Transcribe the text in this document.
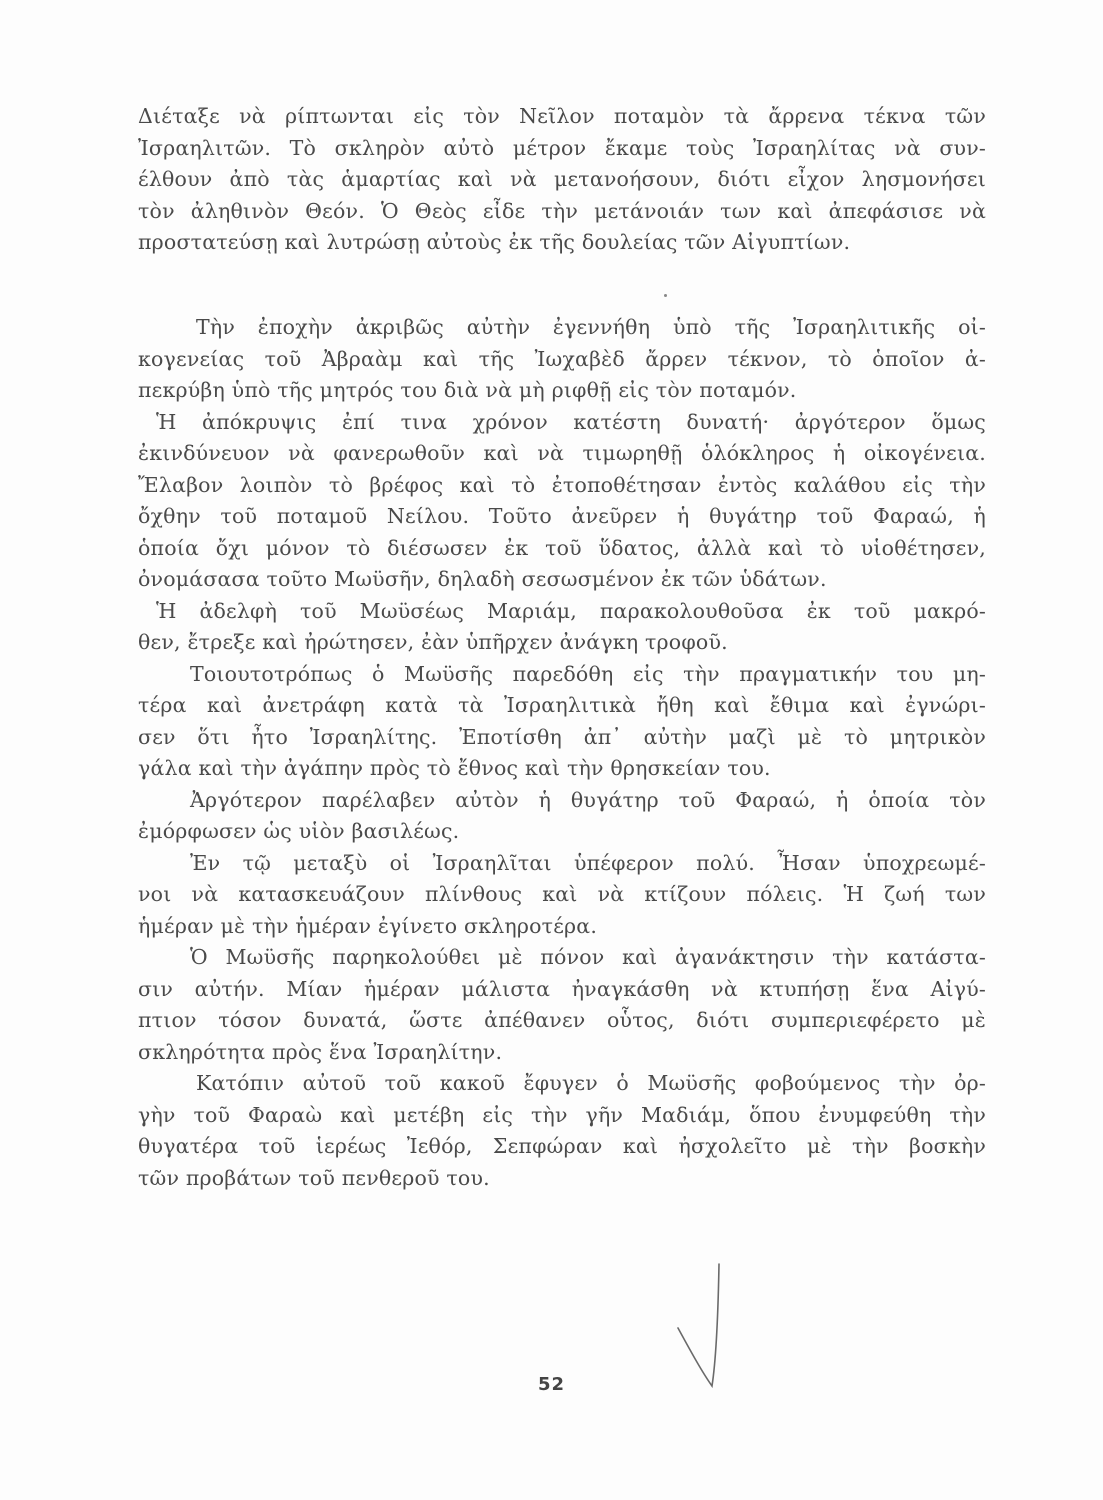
Διέταξε νὰ ρίπτωνται εἰς τὸν Νεῖλον ποταμὸν τὰ ἄρρενα τέκνα τῶν
Ἰσραηλιτῶν. Τὸ σκληρὸν αὐτὸ μέτρον ἔκαμε τοὺς Ἰσραηλίτας νὰ συν-
έλθουν ἀπὸ τὰς ἁμαρτίας καὶ νὰ μετανοήσουν, διότι εἶχον λησμονήσει
τὸν ἀληθινὸν Θεόν. Ὁ Θεὸς εἶδε τὴν μετάνοιάν των καὶ ἀπεφάσισε νὰ
προστατεύσῃ καὶ λυτρώσῃ αὐτοὺς ἐκ τῆς δουλείας τῶν Αἰγυπτίων.
Τὴν ἐποχὴν ἀκριβῶς αὐτὴν ἐγεννήθη ὑπὸ τῆς Ἰσραηλιτικῆς οἰ-
κογενείας τοῦ Ἀβραὰμ καὶ τῆς Ἰωχαβὲδ ἄρρεν τέκνον, τὸ ὁποῖον ἀ-
πεκρύβη ὑπὸ τῆς μητρός του διὰ νὰ μὴ ριφθῇ εἰς τὸν ποταμόν.
Ἡ ἀπόκρυψις ἐπί τινα χρόνον κατέστη δυνατή· ἀργότερον ὅμως
ἐκινδύνευον νὰ φανερωθοῦν καὶ νὰ τιμωρηθῇ ὁλόκληρος ἡ οἰκογένεια.
Ἔλαβον λοιπὸν τὸ βρέφος καὶ τὸ ἐτοποθέτησαν ἐντὸς καλάθου εἰς τὴν
ὄχθην τοῦ ποταμοῦ Νείλου. Τοῦτο ἀνεῦρεν ἡ θυγάτηρ τοῦ Φαραώ, ἡ
ὁποία ὄχι μόνον τὸ διέσωσεν ἐκ τοῦ ὕδατος, ἀλλὰ καὶ τὸ υἱοθέτησεν,
ὀνομάσασα τοῦτο Μωϋσῆν, δηλαδὴ σεσωσμένον ἐκ τῶν ὑδάτων.
Ἡ ἀδελφὴ τοῦ Μωϋσέως Μαριάμ, παρακολουθοῦσα ἐκ τοῦ μακρό-
θεν, ἔτρεξε καὶ ἠρώτησεν, ἐὰν ὑπῆρχεν ἀνάγκη τροφοῦ.
Τοιουτοτρόπως ὁ Μωϋσῆς παρεδόθη εἰς τὴν πραγματικήν του μη-
τέρα καὶ ἀνετράφη κατὰ τὰ Ἰσραηλιτικὰ ἤθη καὶ ἔθιμα καὶ ἐγνώρι-
σεν ὅτι ἦτο Ἰσραηλίτης. Ἐποτίσθη ἀπ᾿ αὐτὴν μαζὶ μὲ τὸ μητρικὸν
γάλα καὶ τὴν ἀγάπην πρὸς τὸ ἔθνος καὶ τὴν θρησκείαν του.
Ἀργότερον παρέλαβεν αὐτὸν ἡ θυγάτηρ τοῦ Φαραώ, ἡ ὁποία τὸν
ἐμόρφωσεν ὡς υἱὸν βασιλέως.
Ἐν τῷ μεταξὺ οἱ Ἰσραηλῖται ὑπέφερον πολύ. Ἦσαν ὑποχρεωμέ-
νοι νὰ κατασκευάζουν πλίνθους καὶ νὰ κτίζουν πόλεις. Ἡ ζωή των
ἡμέραν μὲ τὴν ἡμέραν ἐγίνετο σκληροτέρα.
Ὁ Μωϋσῆς παρηκολούθει μὲ πόνον καὶ ἀγανάκτησιν τὴν κατάστα-
σιν αὐτήν. Μίαν ἡμέραν μάλιστα ἠναγκάσθη νὰ κτυπήσῃ ἕνα Αἰγύ-
πτιον τόσον δυνατά, ὥστε ἀπέθανεν οὗτος, διότι συμπεριεφέρετο μὲ
σκληρότητα πρὸς ἕνα Ἰσραηλίτην.
Κατόπιν αὐτοῦ τοῦ κακοῦ ἔφυγεν ὁ Μωϋσῆς φοβούμενος τὴν ὀρ-
γὴν τοῦ Φαραὼ καὶ μετέβη εἰς τὴν γῆν Μαδιάμ, ὅπου ἐνυμφεύθη τὴν
θυγατέρα τοῦ ἱερέως Ἰεθόρ, Σεπφώραν καὶ ἠσχολεῖτο μὲ τὴν βοσκὴν
τῶν προβάτων τοῦ πενθεροῦ του.
52
